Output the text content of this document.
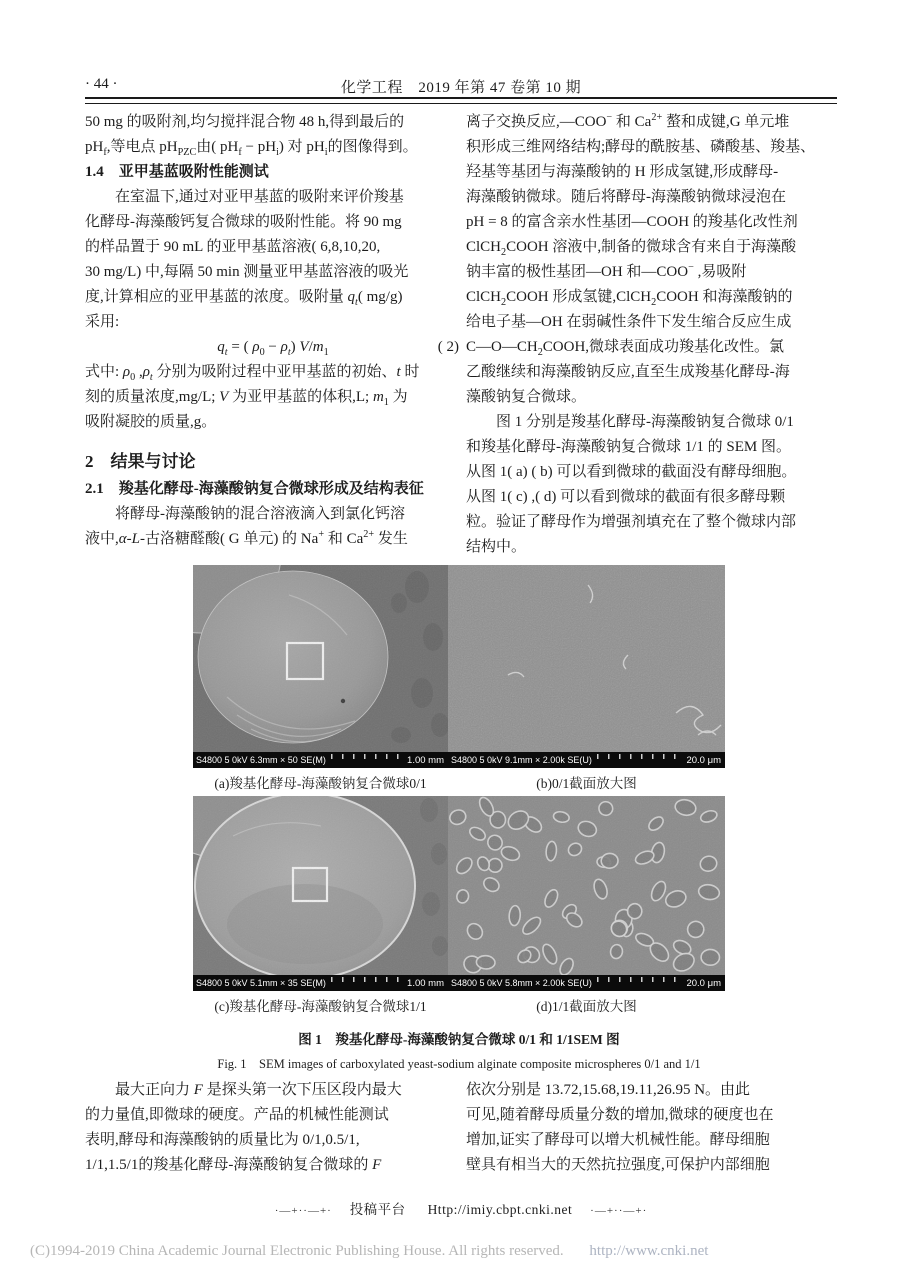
· 44 ·	化学工程　2019 年第 47 卷第 10 期
50 mg 的吸附剂,均匀搅拌混合物 48 h,得到最后的
$pH_f$,等电点 $pH_{PZC}$由( $pH_f - pH_i$) 对 $pH_i$的图像得到。
1.4　亚甲基蓝吸附性能测试
在室温下,通过对亚甲基蓝的吸附来评价羧基
化酵母-海藻酸钙复合微球的吸附性能。将 90 mg
的样品置于 90 mL 的亚甲基蓝溶液( 6,8,10,20,
30 mg/L) 中,每隔 50 min 测量亚甲基蓝溶液的吸光
度,计算相应的亚甲基蓝的浓度。吸附量 $q_t$( mg/g)
采用:
$q_t$ = ( $\rho_0 - \rho_t$) $V/m_1$	( 2)
式中: $\rho_0$ $,\rho_t$ 分别为吸附过程中亚甲基蓝的初始、t 时
刻的质量浓度,mg/L; V 为亚甲基蓝的体积,L; $m_1$ 为
吸附凝胶的质量,g。
2　结果与讨论
2.1　羧基化酵母-海藻酸钠复合微球形成及结构表征
将酵母-海藻酸钠的混合溶液滴入到氯化钙溶
液中,α-L-古洛糖醛酸( G 单元) 的 Na+ 和 $Ca^{2+}$ 发生
离子交换反应,—COO− 和 $Ca^{2+}$ 螯和成键,G 单元堆
积形成三维网络结构;酵母的酰胺基、磷酸基、羧基、
羟基等基团与海藻酸钠的 H 形成氢键,形成酵母-
海藻酸钠微球。随后将酵母-海藻酸钠微球浸泡在
pH = 8 的富含亲水性基团—COOH 的羧基化改性剂
ClCH$_2$COOH 溶液中,制备的微球含有来自于海藻酸
钠丰富的极性基团—OH 和—COO− ,易吸附
ClCH$_2$COOH 形成氢键,ClCH$_2$COOH 和海藻酸钠的
给电子基—OH 在弱碱性条件下发生缩合反应生成
$C—O—CH_2COOH$,微球表面成功羧基化改性。氯
乙酸继续和海藻酸钠反应,直至生成羧基化酵母-海
藻酸钠复合微球。
图 1 分别是羧基化酵母-海藻酸钠复合微球 0/1
和羧基化酵母-海藻酸钠复合微球 1/1 的 SEM 图。
从图 1( a) ( b) 可以看到微球的截面没有酵母细胞。
从图 1( c) ,( d) 可以看到微球的截面有很多酵母颗
粒。验证了酵母作为增强剂填充在了整个微球内部
结构中。
S4800 5 0kV 6.3mm × 50 SE(M)	1.00 mm S4800 5 0kV 9.1mm × 2.00k SE(U)	20.0 μm
(a)羧基化酵母-海藻酸钠复合微球0/1	(b)0/1截面放大图
S4800 5 0kV 5.1mm × 35 SE(M)	1.00 mm S4800 5 0kV 5.8mm × 2.00k SE(U)	20.0 μm
(c)羧基化酵母-海藻酸钠复合微球1/1	(d)1/1截面放大图
图 1　羧基化酵母-海藻酸钠复合微球 0/1 和 1/1SEM 图
Fig. 1　SEM images of carboxylated yeast-sodium alginate composite microspheres 0/1 and 1/1
最大正向力 F 是探头第一次下压区段内最大
的力量值,即微球的硬度。产品的机械性能测试
表明,酵母和海藻酸钠的质量比为 0/1,0.5/1,
1/1,1.5/1的羧基化酵母-海藻酸钠复合微球的 F
依次分别是 13.72,15.68,19.11,26.95 N。由此
可见,随着酵母质量分数的增加,微球的硬度也在
增加,证实了酵母可以增大机械性能。酵母细胞
壁具有相当大的天然抗拉强度,可保护内部细胞
·—+··—+· 投稿平台 Http://imiy.cbpt.cnki.net ·—+··—+·
(C)1994-2019 China Academic Journal Electronic Publishing House. All rights reserved. http://www.cnki.net
